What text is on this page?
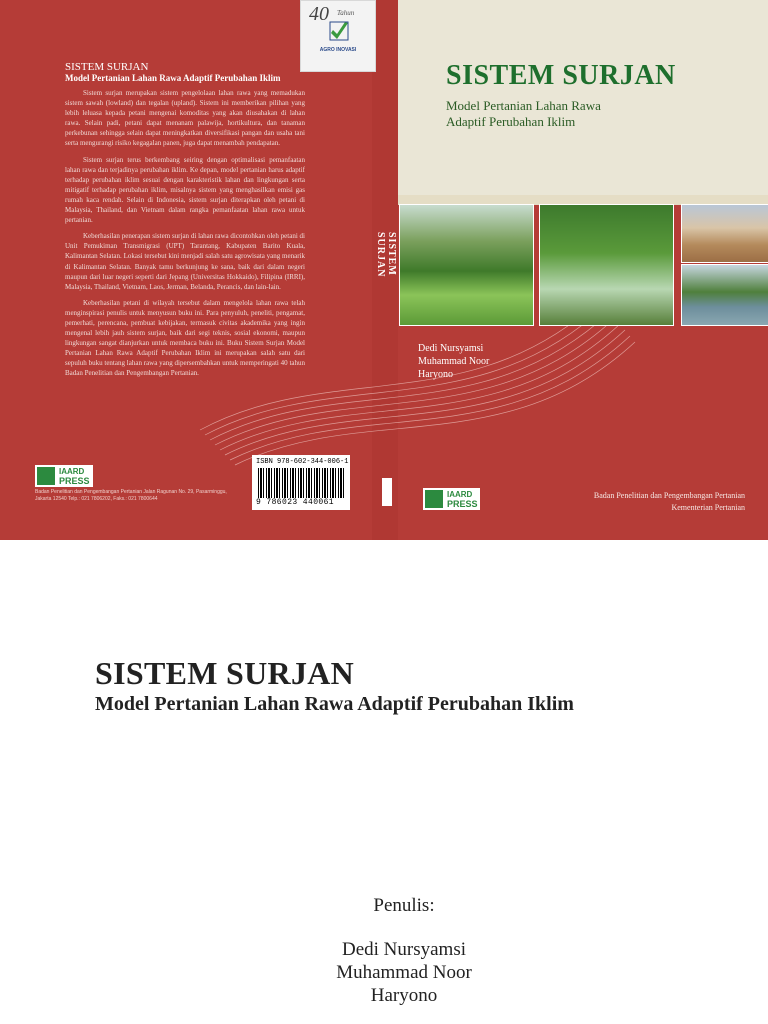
40 Tahun
AGRO INOVASI

SISTEM SURJAN
Model Pertanian Lahan Rawa Adaptif Perubahan Iklim

Sistem surjan merupakan sistem pengelolaan lahan rawa yang memadukan sistem sawah (lowland) dan tegalan (upland). Sistem ini memberikan pilihan yang lebih leluasa kepada petani mengenai komoditas yang akan diusahakan di lahan rawa. Selain padi, petani dapat menanam palawija, hortikultura, dan tanaman perkebunan sehingga selain dapat meningkatkan diversifikasi pangan dan usaha tani serta mengurangi risiko kegagalan panen, juga dapat menambah pendapatan.

Sistem surjan terus berkembang seiring dengan optimalisasi pemanfaatan lahan rawa dan terjadinya perubahan iklim. Ke depan, model pertanian harus adaptif terhadap perubahan iklim sesuai dengan karakteristik lahan dan lingkungan serta mitigatif terhadap perubahan iklim, misalnya sistem yang menghasilkan emisi gas rumah kaca rendah. Selain di Indonesia, sistem surjan diterapkan oleh petani di Malaysia, Thailand, dan Vietnam dalam rangka pemanfaatan lahan rawa untuk pertanian.

Keberhasilan penerapan sistem surjan di lahan rawa dicontohkan oleh petani di Unit Pemukiman Transmigrasi (UPT) Tarantang, Kabupaten Barito Kuala, Kalimantan Selatan. Lokasi tersebut kini menjadi salah satu agrowisata yang menarik di Kalimantan Selatan. Banyak tamu berkunjung ke sana, baik dari dalam negeri maupun dari luar negeri seperti dari Jepang (Universitas Hokkaido), Filipina (IRRI), Malaysia, Thailand, Vietnam, Laos, Jerman, Belanda, Perancis, dan lain-lain.

Keberhasilan petani di wilayah tersebut dalam mengelola lahan rawa telah menginspirasi penulis untuk menyusun buku ini. Para penyuluh, peneliti, pengamat, pemerhati, perencana, pembuat kebijakan, termasuk civitas akademika yang ingin mengenal lebih jauh sistem surjan, baik dari segi teknis, sosial ekonomi, maupun lingkungan sangat dianjurkan untuk membaca buku ini. Buku Sistem Surjan Model Pertanian Lahan Rawa Adaptif Perubahan Iklim ini merupakan salah satu dari sepuluh buku tentang lahan rawa yang dipersembahkan untuk memperingati 40 tahun Badan Penelitian dan Pengembangan Pertanian.

IAARD
PRESS
Badan Penelitian dan Pengembangan Pertanian Jalan Ragunan No. 29, Pasarminggu, Jakarta 12540 Telp.: 021 7806202, Faks.: 021 7800644
ISBN 978-602-344-006-1
9 786023 440061
SISTEM SURJAN
SISTEM SURJAN
Model Pertanian Lahan Rawa
Adaptif Perubahan Iklim
Dedi Nursyamsi
Muhammad Noor
Haryono
IAARD
PRESS
Badan Penelitian dan Pengembangan Pertanian
Kementerian Pertanian
SISTEM SURJAN
Model Pertanian Lahan Rawa Adaptif Perubahan Iklim
Penulis:
Dedi Nursyamsi
Muhammad Noor
Haryono
